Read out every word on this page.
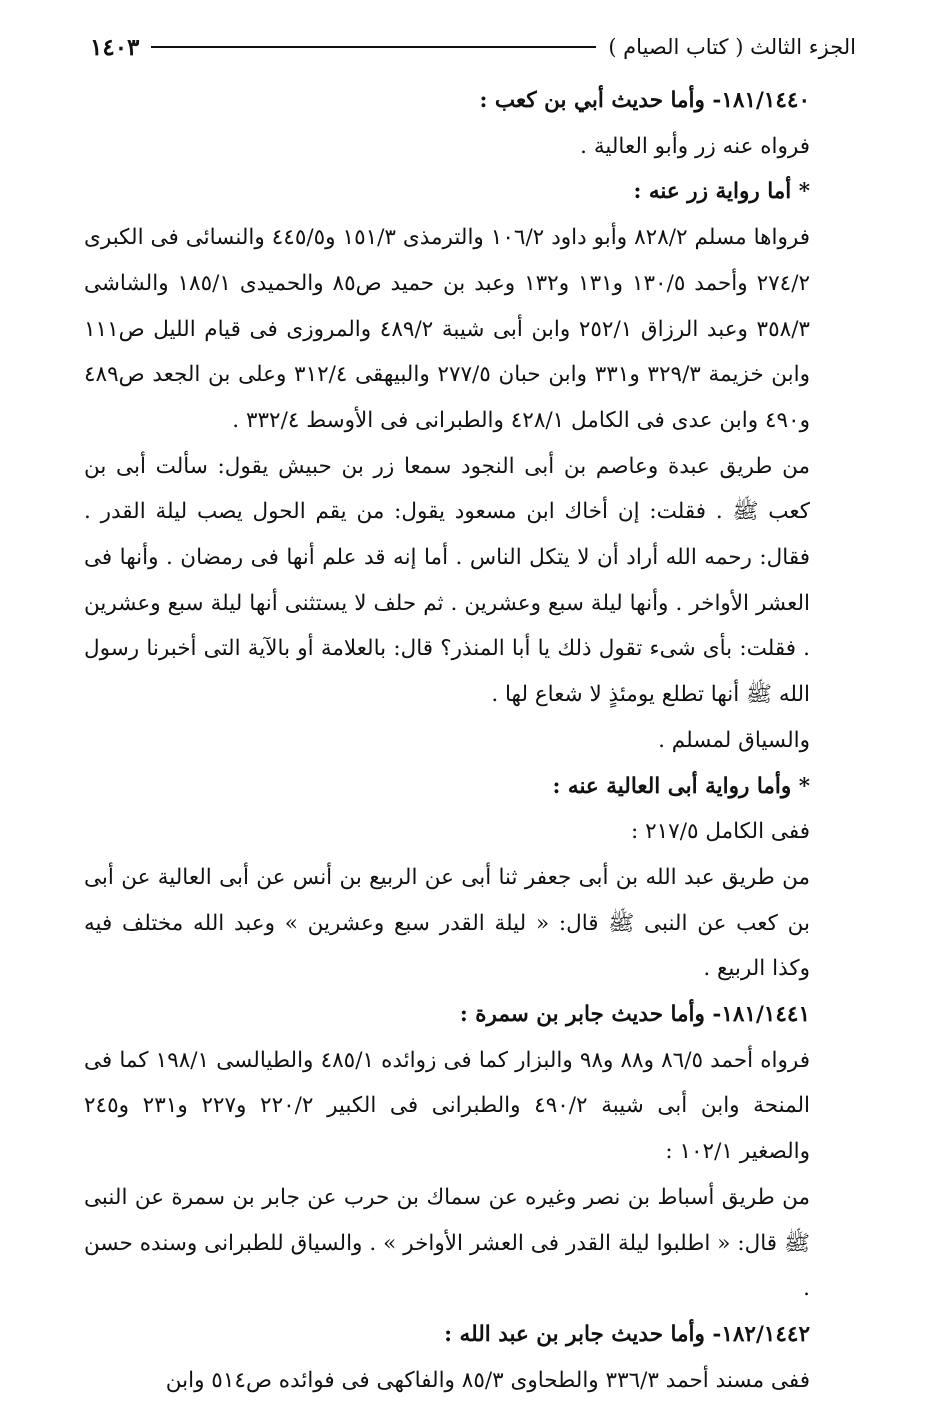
الجزء الثالث ( كتاب الصيام )
١٤٠٣

١٨١/١٤٤٠- وأما حديث أبي بن كعب :

فرواه عنه زر وأبو العالية .

* أما رواية زر عنه :

فرواها مسلم ٨٢٨/٢ وأبو داود ١٠٦/٢ والترمذى ١٥١/٣ و٤٤٥/٥ والنسائى فى الكبرى ٢٧٤/٢ وأحمد ١٣٠/٥ و١٣١ و١٣٢ وعبد بن حميد ص٨٥ والحميدى ١٨٥/١ والشاشى ٣٥٨/٣ وعبد الرزاق ٢٥٢/١ وابن أبى شيبة ٤٨٩/٢ والمروزى فى قيام الليل ص١١١ وابن خزيمة ٣٢٩/٣ و٣٣١ وابن حبان ٢٧٧/٥ والبيهقى ٣١٢/٤ وعلى بن الجعد ص٤٨٩ و٤٩٠ وابن عدى فى الكامل ٤٢٨/١ والطبرانى فى الأوسط ٣٣٢/٤ .

من طريق عبدة وعاصم بن أبى النجود سمعا زر بن حبيش يقول: سألت أبى بن كعب ﷺ . فقلت: إن أخاك ابن مسعود يقول: من يقم الحول يصب ليلة القدر . فقال: رحمه الله أراد أن لا يتكل الناس . أما إنه قد علم أنها فى رمضان . وأنها فى العشر الأواخر . وأنها ليلة سبع وعشرين . ثم حلف لا يستثنى أنها ليلة سبع وعشرين . فقلت: بأى شىء تقول ذلك يا أبا المنذر؟ قال: بالعلامة أو بالآية التى أخبرنا رسول الله ﷺ أنها تطلع يومئذٍ لا شعاع لها .

والسياق لمسلم .

* وأما رواية أبى العالية عنه :

ففى الكامل ٢١٧/٥ :

من طريق عبد الله بن أبى جعفر ثنا أبى عن الربيع بن أنس عن أبى العالية عن أبى بن كعب عن النبى ﷺ قال: « ليلة القدر سبع وعشرين » وعبد الله مختلف فيه وكذا الربيع .

١٨١/١٤٤١- وأما حديث جابر بن سمرة :

فرواه أحمد ٨٦/٥ و٨٨ و٩٨ والبزار كما فى زوائده ٤٨٥/١ والطيالسى ١٩٨/١ كما فى المنحة وابن أبى شيبة ٤٩٠/٢ والطبرانى فى الكبير ٢٢٠/٢ و٢٢٧ و٢٣١ و٢٤٥ والصغير ١٠٢/١ :

من طريق أسباط بن نصر وغيره عن سماك بن حرب عن جابر بن سمرة عن النبى ﷺ قال: « اطلبوا ليلة القدر فى العشر الأواخر » . والسياق للطبرانى وسنده حسن .

١٨٢/١٤٤٢- وأما حديث جابر بن عبد الله :

ففى مسند أحمد ٣٣٦/٣ والطحاوى ٨٥/٣ والفاكهى فى فوائده ص٥١٤ وابن
